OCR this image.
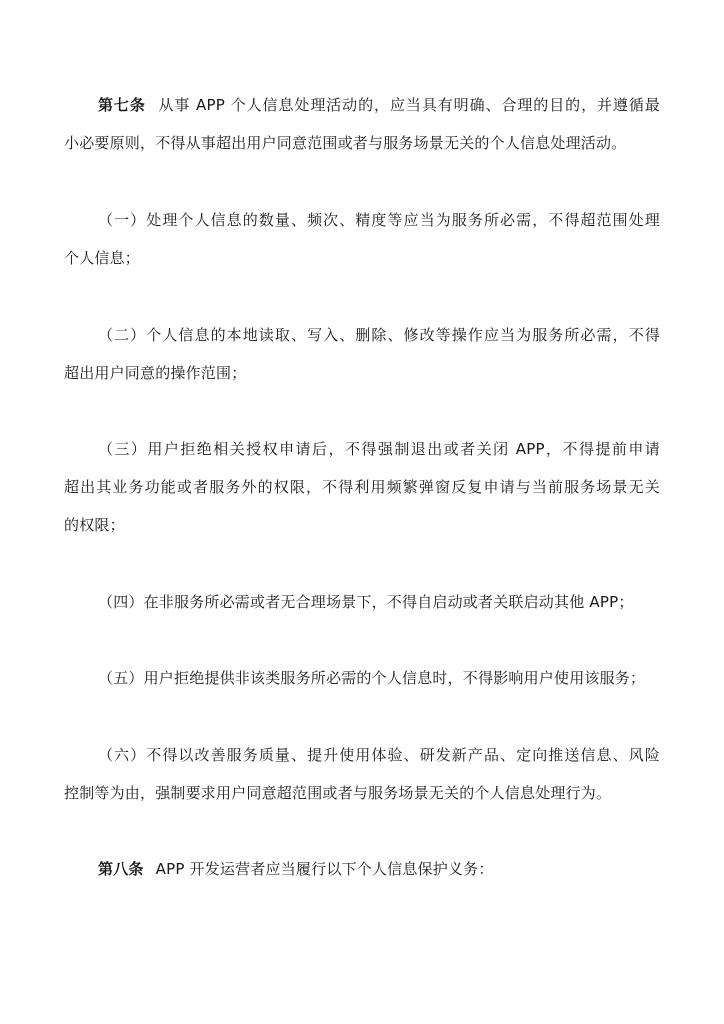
第七条 从事 APP 个人信息处理活动的，应当具有明确、合理的目的，并遵循最
小必要原则，不得从事超出用户同意范围或者与服务场景无关的个人信息处理活动。
（一）处理个人信息的数量、频次、精度等应当为服务所必需，不得超范围处理
个人信息；
（二）个人信息的本地读取、写入、删除、修改等操作应当为服务所必需，不得
超出用户同意的操作范围；
（三）用户拒绝相关授权申请后，不得强制退出或者关闭 APP，不得提前申请
超出其业务功能或者服务外的权限，不得利用频繁弹窗反复申请与当前服务场景无关
的权限；
（四）在非服务所必需或者无合理场景下，不得自启动或者关联启动其他 APP；
（五）用户拒绝提供非该类服务所必需的个人信息时，不得影响用户使用该服务；
（六）不得以改善服务质量、提升使用体验、研发新产品、定向推送信息、风险
控制等为由，强制要求用户同意超范围或者与服务场景无关的个人信息处理行为。
第八条 APP 开发运营者应当履行以下个人信息保护义务：
